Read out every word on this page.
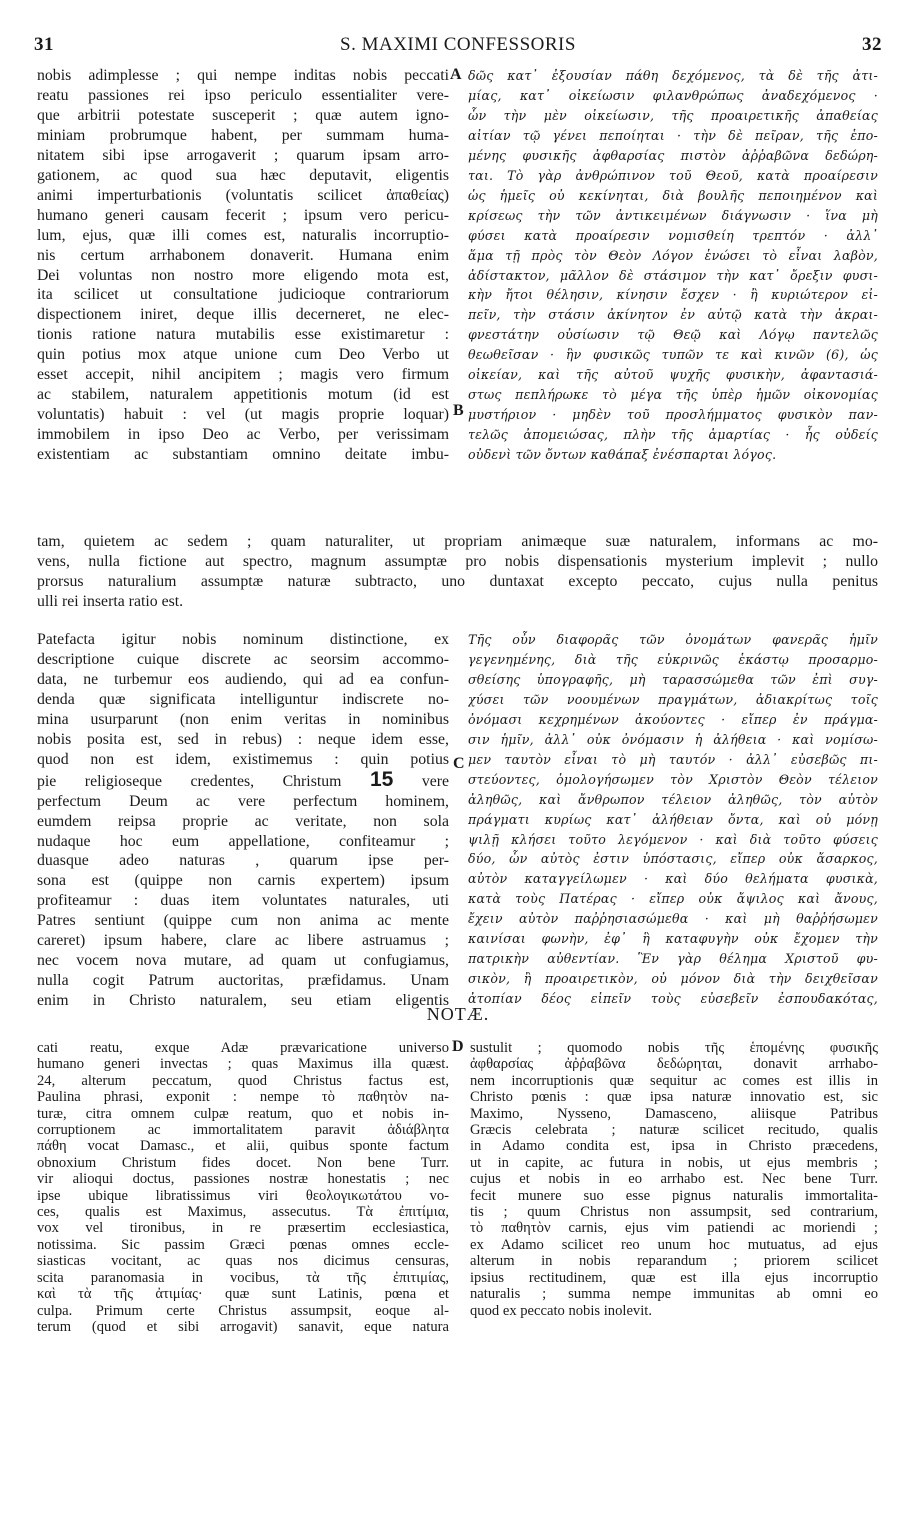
31	S. MAXIMI CONFESSORIS	32
nobis adimplesse ; qui nempe inditas nobis peccati
reatu passiones rei ipso periculo essentialiter vere-
que arbitrii potestate susceperit ; quæ autem igno-
miniam probrumque habent, per summam huma-
nitatem sibi ipse arrogaverit ; quarum ipsam arro-
gationem, ac quod sua hæc deputavit, eligentis
animi imperturbationis (voluntatis scilicet ἀπαθείας)
humano generi causam fecerit ; ipsum vero pericu-
lum, ejus, quæ illi comes est, naturalis incorruptio-
nis certum arrhabonem donaverit. Humana enim
Dei voluntas non nostro more eligendo mota est,
ita scilicet ut consultatione judicioque contrariorum
dispectionem iniret, deque illis decerneret, ne elec-
tionis ratione natura mutabilis esse existimaretur :
quin potius mox atque unione cum Deo Verbo ut
esset accepit, nihil ancipitem ; magis vero firmum
ac stabilem, naturalem appetitionis motum (id est
voluntatis) habuit : vel (ut magis proprie loquar)
immobilem in ipso Deo ac Verbo, per verissimam
existentiam ac substantiam omnino deitate imbu-
A δῶς κατ᾽ ἐξουσίαν πάθη δεχόμενος, τὰ δὲ τῆς ἀτι-
μίας, κατ᾽ οἰκείωσιν φιλανθρώπως ἀναδεχόμενος ·
ὧν τὴν μὲν οἰκείωσιν, τῆς προαιρετικῆς ἀπαθείας
αἰτίαν τῷ γένει πεποίηται · τὴν δὲ πεῖραν, τῆς ἑπο-
μένης φυσικῆς ἀφθαρσίας πιστὸν ἀῤῥαβῶνα δεδώρη-
ται. Τὸ γὰρ ἀνθρώπινον τοῦ Θεοῦ, κατὰ προαίρεσιν
ὡς ἡμεῖς οὐ κεκίνηται, διὰ βουλῆς πεποιημένον καὶ
κρίσεως τὴν τῶν ἀντικειμένων διάγνωσιν · ἵνα μὴ
φύσει κατὰ προαίρεσιν νομισθείη τρεπτόν · ἀλλ᾽
ἅμα τῇ πρὸς τὸν Θεὸν Λόγον ἑνώσει τὸ εἶναι λαβὸν,
ἀδίστακτον, μᾶλλον δὲ στάσιμον τὴν κατ᾽ ὄρεξιν φυσι-
κὴν ἤτοι θέλησιν, κίνησιν ἔσχεν · ἢ κυριώτερον εἰ-
πεῖν, τὴν στάσιν ἀκίνητον ἐν αὐτῷ κατὰ τὴν ἀκραι-
φνεστάτην οὐσίωσιν τῷ Θεῷ καὶ Λόγῳ παντελῶς
θεωθεῖσαν · ἣν φυσικῶς τυπῶν τε καὶ κινῶν (6), ὡς
οἰκείαν, καὶ τῆς αὐτοῦ ψυχῆς φυσικὴν, ἀφαντασιά-
στως πεπλήρωκε τὸ μέγα τῆς ὑπὲρ ἡμῶν οἰκονομίας
μυστήριον · μηδὲν τοῦ προσλήμματος φυσικὸν παν-
τελῶς ἀπομειώσας, πλὴν τῆς ἁμαρτίας · ἧς οὐδείς
οὐδενὶ τῶν ὄντων καθάπαξ ἐνέσπαρται λόγος.
B
tam, quietem ac sedem ; quam naturaliter, ut propriam animæque suæ naturalem, informans ac mo-
vens, nulla fictione aut spectro, magnum assumptæ pro nobis dispensationis mysterium implevit ; nullo
prorsus naturalium assumptæ naturæ subtracto, uno duntaxat excepto peccato, cujus nulla penitus
ulli rei inserta ratio est.
Patefacta igitur nobis nominum distinctione, ex
descriptione cuique discrete ac seorsim accommo-
data, ne turbemur eos audiendo, qui ad ea confun-
denda quæ significata intelliguntur indiscrete no-
mina usurparunt (non enim veritas in nominibus
nobis posita est, sed in rebus) : neque idem esse,
quod non est idem, existimemus : quin potius
pie religioseque credentes, Christum 15 vere
perfectum Deum ac vere perfectum hominem,
eumdem reipsa proprie ac veritate, non sola
nudaque hoc eum appellatione, confiteamur ;
duasque adeo naturas , quarum ipse per-
sona est (quippe non carnis expertem) ipsum
profiteamur : duas item voluntates naturales, uti
Patres sentiunt (quippe cum non anima ac mente
careret) ipsum habere, clare ac libere astruamus ;
nec vocem nova mutare, ad quam ut confugiamus,
nulla cogit Patrum auctoritas, præfidamus. Unam
enim in Christo naturalem, seu etiam eligentis
C
Τῆς οὖν διαφορᾶς τῶν ὀνομάτων φανερᾶς ἡμῖν
γεγενημένης, διὰ τῆς εὐκρινῶς ἑκάστῳ προσαρμο-
σθείσης ὑπογραφῆς, μὴ ταρασσώμεθα τῶν ἐπὶ συγ-
χύσει τῶν νοουμένων πραγμάτων, ἀδιακρίτως τοῖς
ὀνόμασι κεχρημένων ἀκούοντες · εἴπερ ἐν πράγμα-
σιν ἡμῖν, ἀλλ᾽ οὐκ ὀνόμασιν ἡ ἀλήθεια · καὶ νομίσω-
μεν ταυτὸν εἶναι τὸ μὴ ταυτόν · ἀλλ᾽ εὐσεβῶς πι-
στεύοντες, ὁμολογήσωμεν τὸν Χριστὸν Θεὸν τέλειον
ἀληθῶς, καὶ ἄνθρωπον τέλειον ἀληθῶς, τὸν αὐτὸν
πράγματι κυρίως κατ᾽ ἀλήθειαν ὄντα, καὶ οὐ μόνῃ
ψιλῇ κλήσει τοῦτο λεγόμενον · καὶ διὰ τοῦτο φύσεις
δύο, ὧν αὐτὸς ἐστιν ὑπόστασις, εἴπερ οὐκ ἄσαρκος,
αὐτὸν καταγγείλωμεν · καὶ δύο θελήματα φυσικὰ,
κατὰ τοὺς Πατέρας · εἴπερ οὐκ ἄψιλος καὶ ἄνους,
ἔχειν αὐτὸν παῤῥησιασώμεθα · καὶ μὴ θαῤῥήσωμεν
καινίσαι φωνὴν, ἐφ᾽ ἣ καταφυγὴν οὐκ ἔχομεν τὴν
πατρικὴν αὐθεντίαν. Ἓν γὰρ θέλημα Χριστοῦ φυ-
σικὸν, ἢ προαιρετικὸν, οὐ μόνον διὰ τὴν δειχθεῖσαν
ἀτοπίαν δέος εἰπεῖν τοὺς εὐσεβεῖν ἐσπουδακότας,
NOTÆ.
cati reatu, exque Adæ prævaricatione universo
humano generi invectas ; quas Maximus illa quæst.
24, alterum peccatum, quod Christus factus est,
Paulina phrasi, exponit : nempe τὸ παθητὸν na-
turæ, citra omnem culpæ reatum, quo et nobis in-
corruptionem ac immortalitatem paravit ἀδιάβλητα
πάθη vocat Damasc., et alii, quibus sponte factum
obnoxium Christum fides docet. Non bene Turr.
vir alioqui doctus, passiones nostræ honestatis ; nec
ipse ubique libratissimus viri θεολογικωτάτου vo-
ces, qualis est Maximus, assecutus. Τὰ ἐπιτίμια,
vox vel tironibus, in re præsertim ecclesiastica,
notissima. Sic passim Græci pœnas omnes eccle-
siasticas vocitant, ac quas nos dicimus censuras,
scita paranomasia in vocibus, τὰ τῆς ἐπιτιμίας,
καὶ τὰ τῆς ἀτιμίας· quæ sunt Latinis, pœna et
culpa. Primum certe Christus assumpsit, eoque al-
terum (quod et sibi arrogavit) sanavit, eque natura
D sustulit ; quomodo nobis τῆς ἑπομένης φυσικῆς
ἀφθαρσίας ἀῤῥαβῶνα δεδώρηται, donavit arrhabo-
nem incorruptionis quæ sequitur ac comes est illis in
Christo pœnis : quæ ipsa naturæ innovatio est, sic
Maximo, Nysseno, Damasceno, aliisque Patribus
Græcis celebrata ; naturæ scilicet recitudo, qualis
in Adamo condita est, ipsa in Christo præcedens,
ut in capite, ac futura in nobis, ut ejus membris ;
cujus et nobis in eo arrhabo est. Nec bene Turr.
fecit munere suo esse pignus naturalis immortalita-
tis ; quum Christus non assumpsit, sed contrarium,
τὸ παθητὸν carnis, ejus vim patiendi ac moriendi ;
ex Adamo scilicet reo unum hoc mutuatus, ad ejus
alterum in nobis reparandum ; priorem scilicet
ipsius rectitudinem, quæ est illa ejus incorruptio
naturalis ; summa nempe immunitas ab omni eo
quod ex peccato nobis inolevit.
